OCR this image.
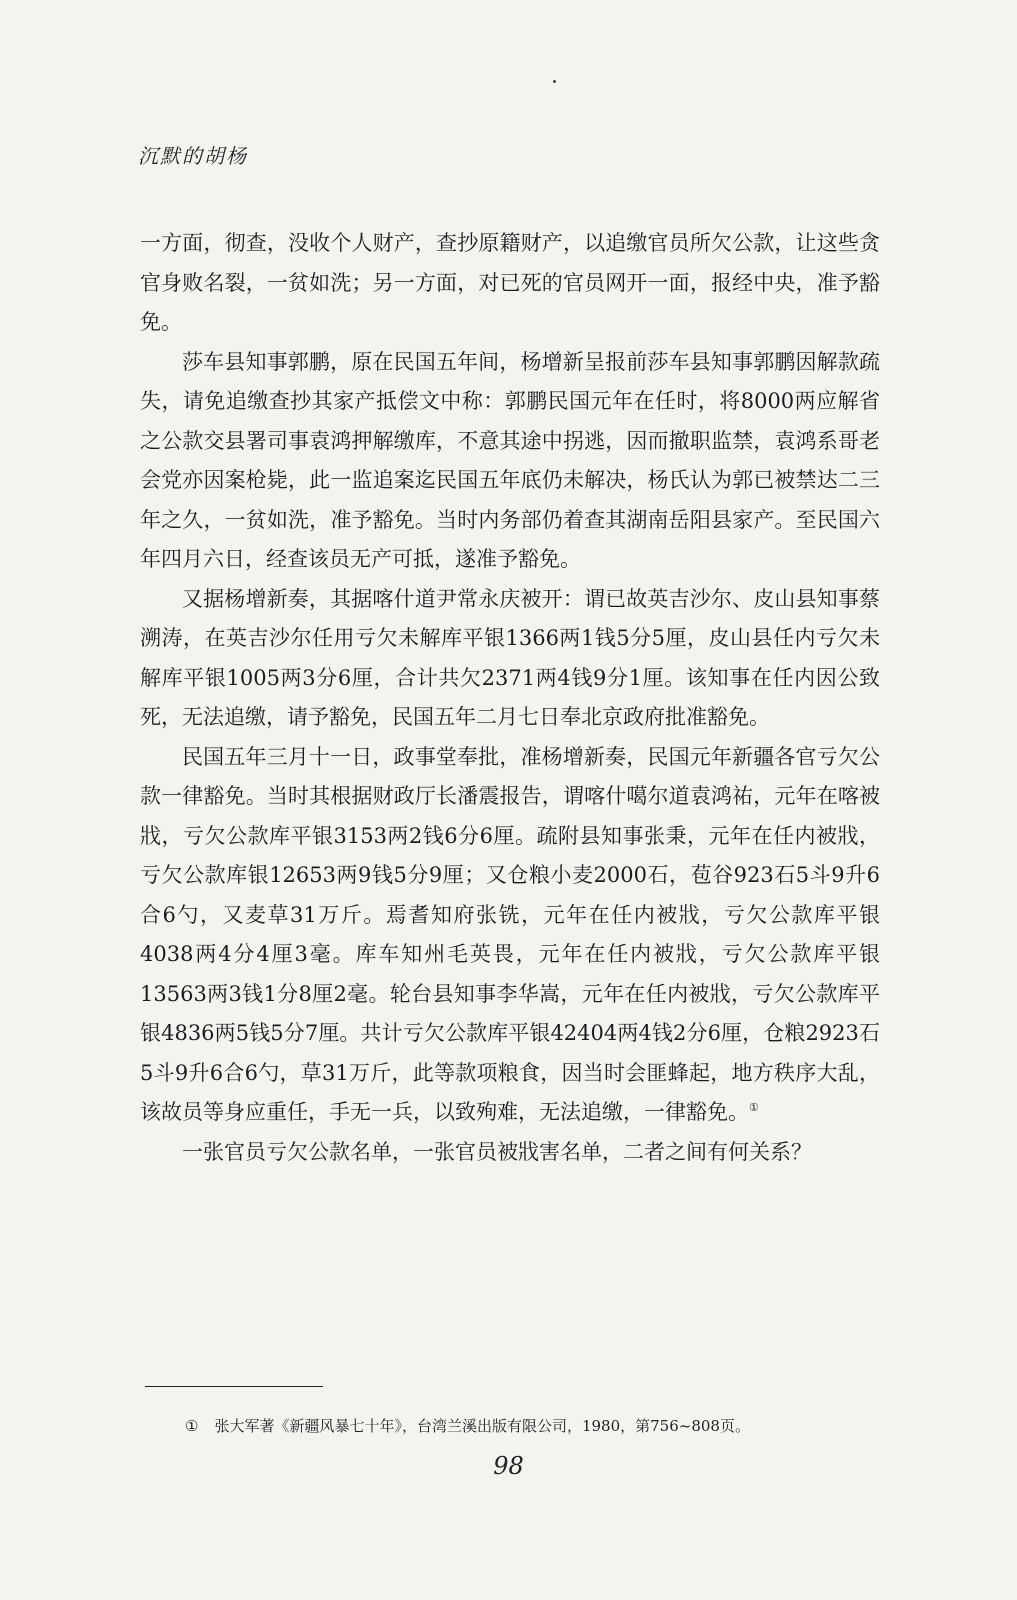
沉默的胡杨

一方面，彻查，没收个人财产，查抄原籍财产，以追缴官员所欠公款，让这些贪官身败名裂，一贫如洗；另一方面，对已死的官员网开一面，报经中央，准予豁免。

莎车县知事郭鹏，原在民国五年间，杨增新呈报前莎车县知事郭鹏因解款疏失，请免追缴查抄其家产抵偿文中称：郭鹏民国元年在任时，将8000两应解省之公款交县署司事袁鸿押解缴库，不意其途中拐逃，因而撤职监禁，袁鸿系哥老会党亦因案枪毙，此一监追案迄民国五年底仍未解决，杨氏认为郭已被禁达二三年之久，一贫如洗，准予豁免。当时内务部仍着查其湖南岳阳县家产。至民国六年四月六日，经查该员无产可抵，遂准予豁免。

又据杨增新奏，其据喀什道尹常永庆被开：谓已故英吉沙尔、皮山县知事蔡溯涛，在英吉沙尔任用亏欠未解库平银1366两1钱5分5厘，皮山县任内亏欠未解库平银1005两3分6厘，合计共欠2371两4钱9分1厘。该知事在任内因公致死，无法追缴，请予豁免，民国五年二月七日奉北京政府批准豁免。

民国五年三月十一日，政事堂奉批，准杨增新奏，民国元年新疆各官亏欠公款一律豁免。当时其根据财政厅长潘震报告，谓喀什噶尔道袁鸿祐，元年在喀被戕，亏欠公款库平银3153两2钱6分6厘。疏附县知事张秉，元年在任内被戕，亏欠公款库银12653两9钱5分9厘；又仓粮小麦2000石，苞谷923石5斗9升6合6勺，又麦草31万斤。焉耆知府张铣，元年在任内被戕，亏欠公款库平银4038两4分4厘3毫。库车知州毛英畏，元年在任内被戕，亏欠公款库平银13563两3钱1分8厘2毫。轮台县知事李华嵩，元年在任内被戕，亏欠公款库平银4836两5钱5分7厘。共计亏欠公款库平银42404两4钱2分6厘，仓粮2923石5斗9升6合6勺，草31万斤，此等款项粮食，因当时会匪蜂起，地方秩序大乱，该故员等身应重任，手无一兵，以致殉难，无法追缴，一律豁免。①

一张官员亏欠公款名单，一张官员被戕害名单，二者之间有何关系？

① 张大军著《新疆风暴七十年》，台湾兰溪出版有限公司，1980，第756~808页。
98
